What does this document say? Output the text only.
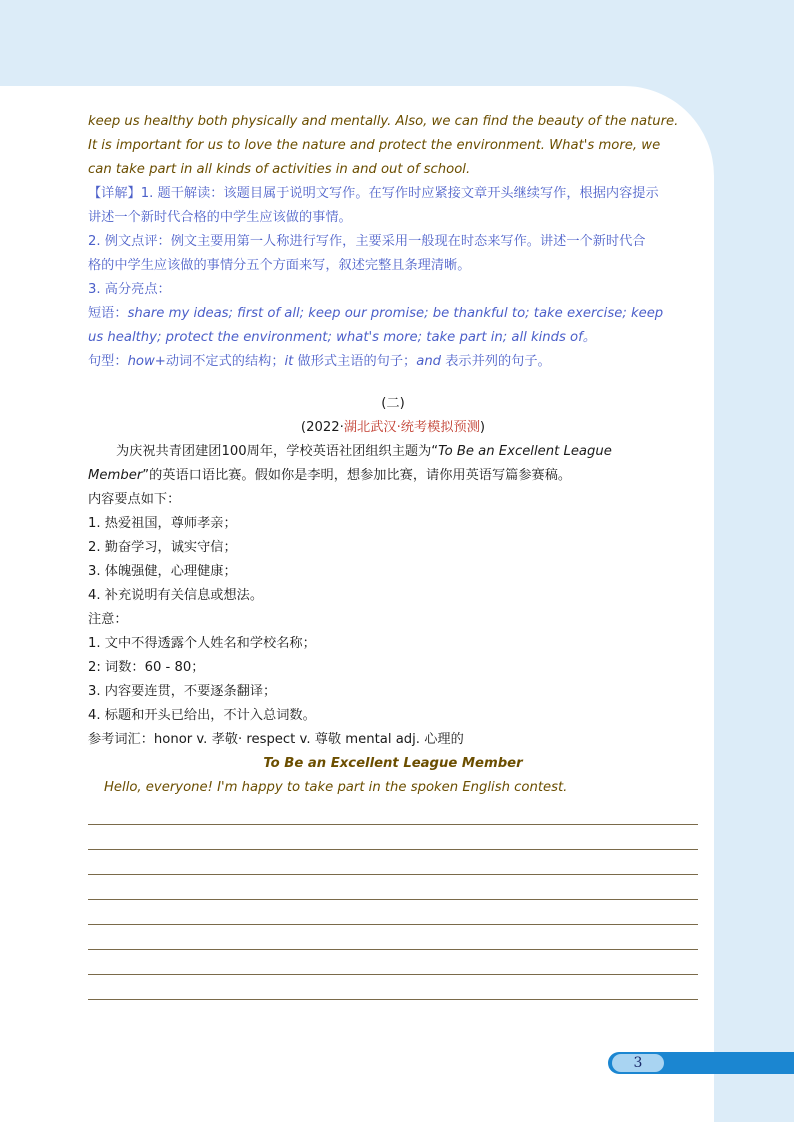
keep us healthy both physically and mentally. Also, we can find the beauty of the nature.
It is important for us to love the nature and protect the environment. What's more, we
can take part in all kinds of activities in and out of school.
【详解】1. 题干解读：该题目属于说明文写作。在写作时应紧接文章开头继续写作，根据内容提示
讲述一个新时代合格的中学生应该做的事情。
2. 例文点评：例文主要用第一人称进行写作，主要采用一般现在时态来写作。讲述一个新时代合
格的中学生应该做的事情分五个方面来写，叙述完整且条理清晰。
3. 高分亮点：
短语：share my ideas; first of all; keep our promise; be thankful to; take exercise; keep
us healthy; protect the environment; what's more; take part in; all kinds of。
句型：how+动词不定式的结构；it 做形式主语的句子；and 表示并列的句子。
(二)
(2022·湖北武汉·统考模拟预测)
为庆祝共青团建团100周年，学校英语社团组织主题为“To Be an Excellent League
Member”的英语口语比赛。假如你是李明，想参加比赛，请你用英语写篇参赛稿。
内容要点如下：
1. 热爱祖国，尊师孝亲；
2. 勤奋学习，诚实守信；
3. 体魄强健，心理健康；
4. 补充说明有关信息或想法。
注意：
1. 文中不得透露个人姓名和学校名称；
2: 词数：60 - 80；
3. 内容要连贯，不要逐条翻译；
4. 标题和开头已给出，不计入总词数。
参考词汇：honor v. 孝敬· respect v. 尊敬 mental adj. 心理的
To Be an Excellent League Member
Hello, everyone! I'm happy to take part in the spoken English contest.
3
